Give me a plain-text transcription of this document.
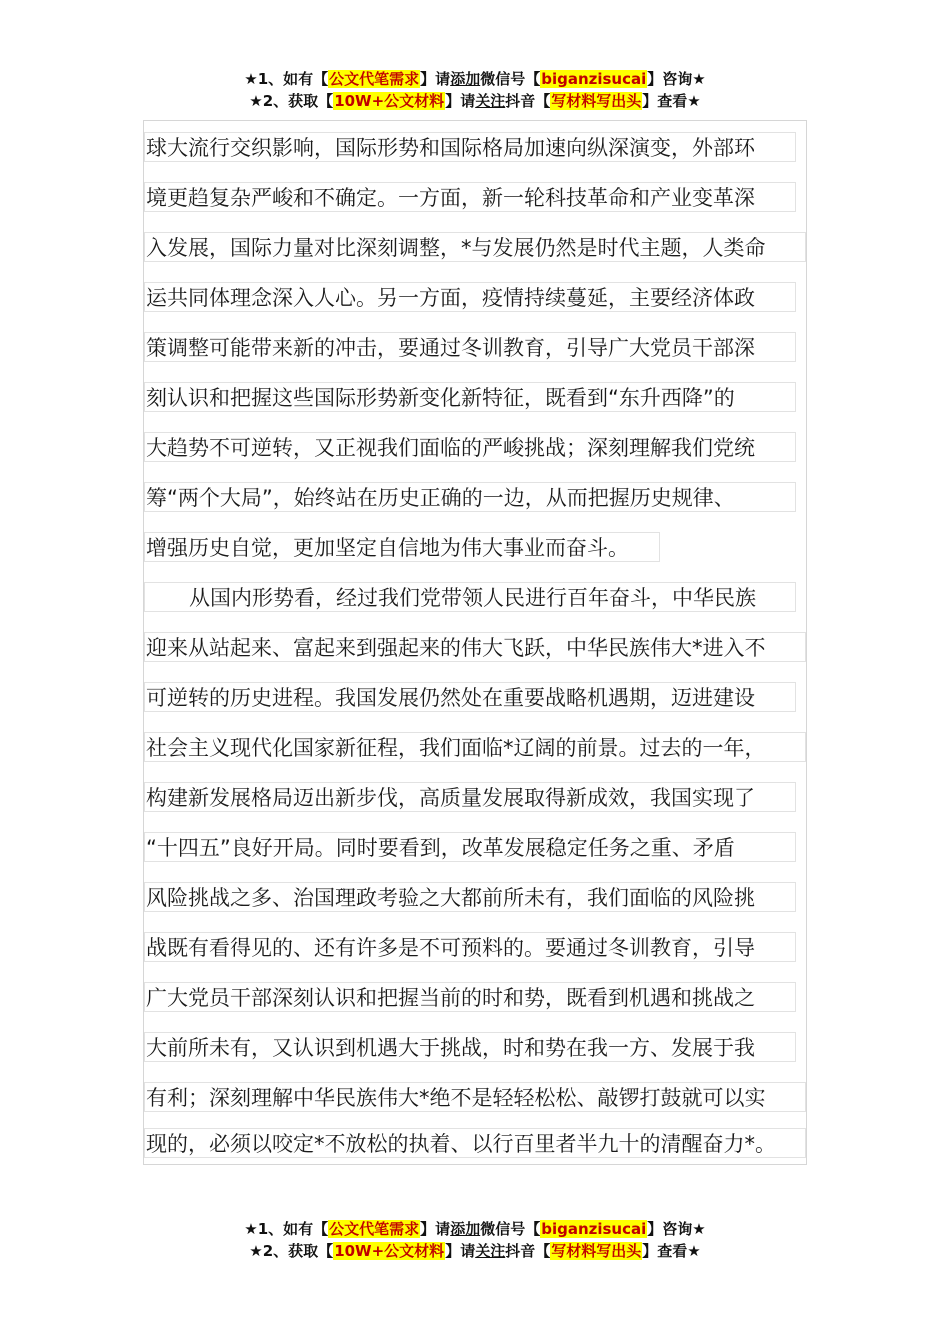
★1、如有【公文代笔需求】请添加微信号【biganzisucai】咨询★
★2、获取【10W+公文材料】请关注抖音【写材料写出头】查看★
球大流行交织影响，国际形势和国际格局加速向纵深演变，外部环
境更趋复杂严峻和不确定。一方面，新一轮科技革命和产业变革深
入发展，国际力量对比深刻调整，*与发展仍然是时代主题，人类命
运共同体理念深入人心。另一方面，疫情持续蔓延，主要经济体政
策调整可能带来新的冲击，要通过冬训教育，引导广大党员干部深
刻认识和把握这些国际形势新变化新特征，既看到“东升西降”的
大趋势不可逆转，又正视我们面临的严峻挑战；深刻理解我们党统
筹“两个大局”，始终站在历史正确的一边，从而把握历史规律、
增强历史自觉，更加坚定自信地为伟大事业而奋斗。
从国内形势看，经过我们党带领人民进行百年奋斗，中华民族
迎来从站起来、富起来到强起来的伟大飞跃，中华民族伟大*进入不
可逆转的历史进程。我国发展仍然处在重要战略机遇期，迈进建设
社会主义现代化国家新征程，我们面临*辽阔的前景。过去的一年，
构建新发展格局迈出新步伐，高质量发展取得新成效，我国实现了
“十四五”良好开局。同时要看到，改革发展稳定任务之重、矛盾
风险挑战之多、治国理政考验之大都前所未有，我们面临的风险挑
战既有看得见的、还有许多是不可预料的。要通过冬训教育，引导
广大党员干部深刻认识和把握当前的时和势，既看到机遇和挑战之
大前所未有，又认识到机遇大于挑战，时和势在我一方、发展于我
有利；深刻理解中华民族伟大*绝不是轻轻松松、敲锣打鼓就可以实
现的，必须以咬定*不放松的执着、以行百里者半九十的清醒奋力*。
★1、如有【公文代笔需求】请添加微信号【biganzisucai】咨询★
★2、获取【10W+公文材料】请关注抖音【写材料写出头】查看★
